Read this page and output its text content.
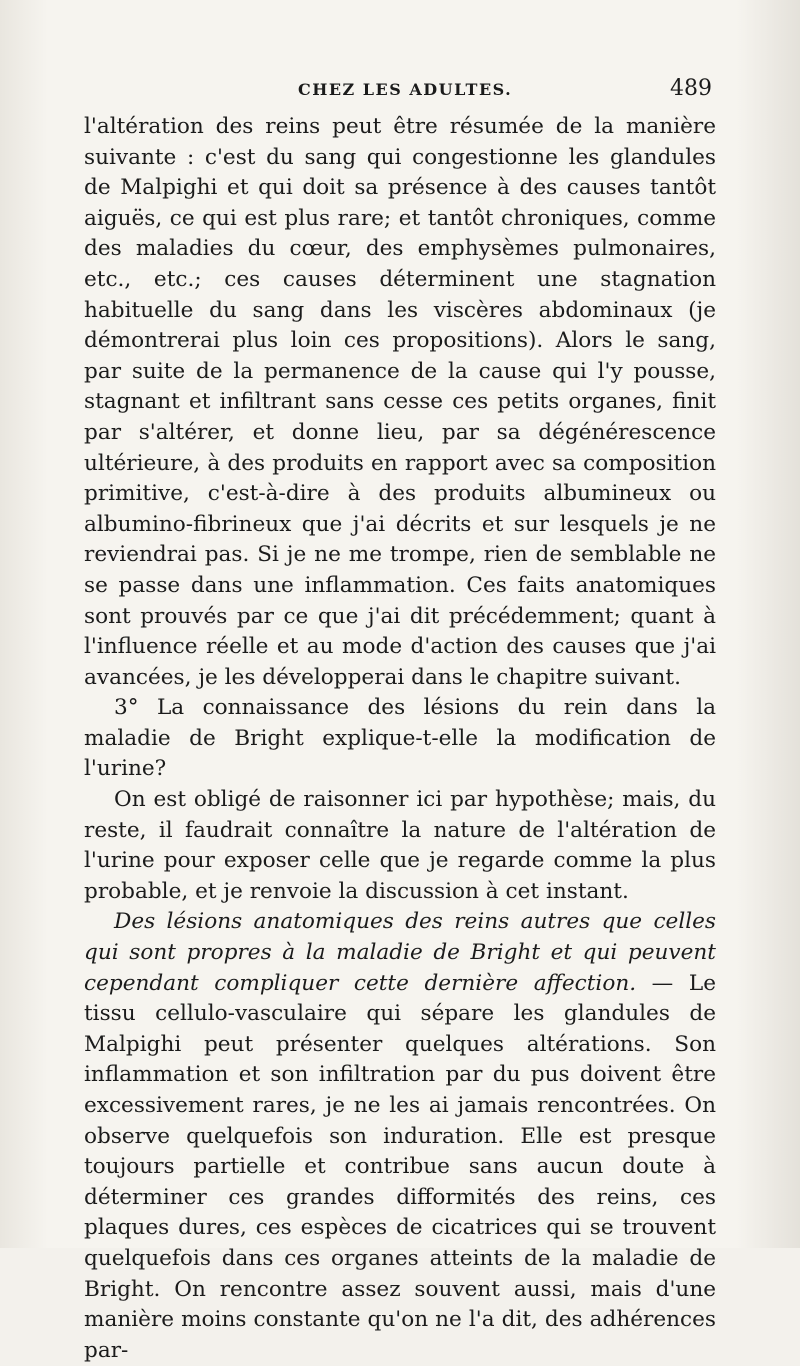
CHEZ LES ADULTES.	489

l'altération des reins peut être résumée de la manière suivante : c'est du sang qui congestionne les glandules de Malpighi et qui doit sa présence à des causes tantôt aiguës, ce qui est plus rare; et tantôt chroniques, comme des maladies du cœur, des emphysèmes pulmonaires, etc., etc.; ces causes déterminent une stagnation habituelle du sang dans les viscères abdominaux (je démontrerai plus loin ces propositions). Alors le sang, par suite de la permanence de la cause qui l'y pousse, stagnant et infiltrant sans cesse ces petits organes, finit par s'altérer, et donne lieu, par sa dégénérescence ultérieure, à des produits en rapport avec sa composition primitive, c'est-à-dire à des produits albumineux ou albumino-fibrineux que j'ai décrits et sur lesquels je ne reviendrai pas. Si je ne me trompe, rien de semblable ne se passe dans une inflammation. Ces faits anatomiques sont prouvés par ce que j'ai dit précédemment; quant à l'influence réelle et au mode d'action des causes que j'ai avancées, je les développerai dans le chapitre suivant.

3° La connaissance des lésions du rein dans la maladie de Bright explique-t-elle la modification de l'urine?

On est obligé de raisonner ici par hypothèse; mais, du reste, il faudrait connaître la nature de l'altération de l'urine pour exposer celle que je regarde comme la plus probable, et je renvoie la discussion à cet instant.

Des lésions anatomiques des reins autres que celles qui sont propres à la maladie de Bright et qui peuvent cependant compliquer cette dernière affection. — Le tissu cellulo-vasculaire qui sépare les glandules de Malpighi peut présenter quelques altérations. Son inflammation et son infiltration par du pus doivent être excessivement rares, je ne les ai jamais rencontrées. On observe quelquefois son induration. Elle est presque toujours partielle et contribue sans aucun doute à déterminer ces grandes difformités des reins, ces plaques dures, ces espèces de cicatrices qui se trouvent quelquefois dans ces organes atteints de la maladie de Bright. On rencontre assez souvent aussi, mais d'une manière moins constante qu'on ne l'a dit, des adhérences par-
